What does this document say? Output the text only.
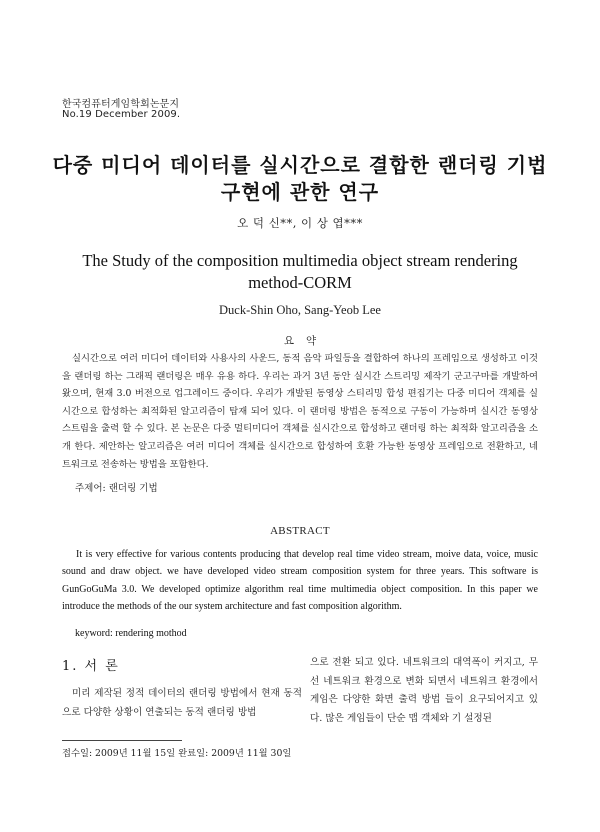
한국컴퓨터게임학회논문지
No.19 December 2009.
다중 미디어 데이터를 실시간으로 결합한 랜더링 기법
구현에 관한 연구
오 덕 신**, 이 상 엽***
The Study of the composition multimedia object stream rendering
method-CORM
Duck-Shin Oho, Sang-Yeob Lee
요약
실시간으로 여러 미디어 데이터와 사용사의 사운드, 동적 음악 파일등을 결합하여 하나의 프레임으로 생성하고 이것을 랜더링 하는 그래픽 랜더링은 매우 유용 하다. 우리는 과거 3년 동안 실시간 스트리밍 제작기 군고구마를 개발하여 왔으며, 현재 3.0 버전으로 업그레이드 중이다. 우리가 개발된 동영상 스티리밍 합성 편집기는 다중 미디어 객체를 실시간으로 합성하는 최적화된 알고리즘이 탑재 되어 있다. 이 랜더링 방법은 동적으로 구동이 가능하며 실시간 동영상 스트림을 출력 할 수 있다. 본 논문은 다중 멀티미디어 객체를 실시간으로 합성하고 랜더링 하는 최적화 알고리즘을 소개 한다. 제안하는 알고리즘은 여러 미디어 객체를 실시간으로 합성하여 호환 가능한 동영상 프레임으로 전환하고, 네트워크로 전송하는 방법을 포함한다.
주제어: 랜더링 기법
ABSTRACT
It is very effective for various contents producing that develop real time video stream, moive data, voice, music sound and draw object. we have developed video stream composition system for three years. This software is GunGoGuMa 3.0. We developed optimize algorithm real time multimedia object composition. In this paper we introduce the methods of the our system architecture and fast composition algorithm.
keyword: rendering mothod
1. 서 론
미리 제작된 정적 데이터의 랜더링 방법에서 현재 동적으로 다양한 상황이 연출되는 동적 랜더링 방법
으로 전환 되고 있다. 네트워크의 대역폭이 커지고, 무선 네트워크 환경으로 변화 되면서 네트워크 환경에서 게임은 다양한 화면 출력 방법 들이 요구되어지고 있다. 많은 게임들이 단순 맵 객체와 기 설정된
접수일: 2009년 11월 15일 완료일: 2009년 11월 30일
